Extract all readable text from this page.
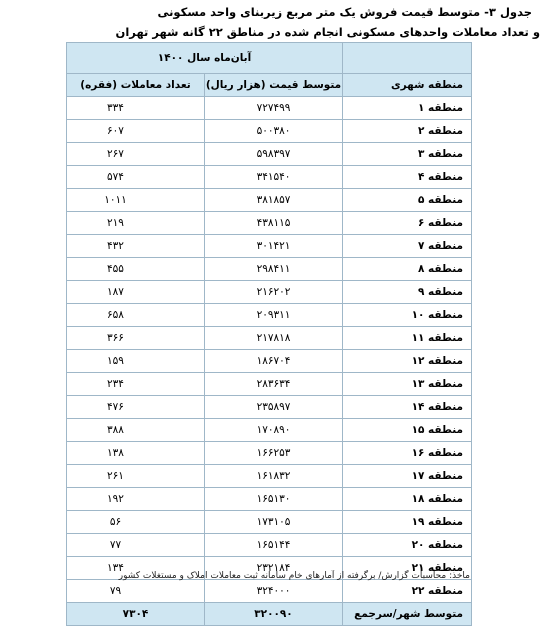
جدول ۳- متوسط قیمت فروش یک متر مربع زیربنای واحد مسکونی
و تعداد معاملات واحدهای مسکونی انجام شده در مناطق ۲۲ گانه شهر تهران
	آبان‌ماه سال ۱۴۰۰	
منطقه شهری	متوسط قیمت (هزار ریال)	تعداد معاملات (فقره)
منطقه ۱	۷۲۷۴۹۹	۳۳۴
منطقه ۲	۵۰۰۳۸۰	۶۰۷
منطقه ۳	۵۹۸۳۹۷	۲۶۷
منطقه ۴	۳۴۱۵۴۰	۵۷۴
منطقه ۵	۳۸۱۸۵۷	۱۰۱۱
منطقه ۶	۴۳۸۱۱۵	۲۱۹
منطقه ۷	۳۰۱۴۲۱	۴۳۲
منطقه ۸	۲۹۸۴۱۱	۴۵۵
منطقه ۹	۲۱۶۲۰۲	۱۸۷
منطقه ۱۰	۲۰۹۳۱۱	۶۵۸
منطقه ۱۱	۲۱۷۸۱۸	۳۶۶
منطقه ۱۲	۱۸۶۷۰۴	۱۵۹
منطقه ۱۳	۲۸۳۶۳۴	۲۳۴
منطقه ۱۴	۲۳۵۸۹۷	۴۷۶
منطقه ۱۵	۱۷۰۸۹۰	۳۸۸
منطقه ۱۶	۱۶۶۲۵۳	۱۳۸
منطقه ۱۷	۱۶۱۸۳۲	۲۶۱
منطقه ۱۸	۱۶۵۱۳۰	۱۹۲
منطقه ۱۹	۱۷۳۱۰۵	۵۶
منطقه ۲۰	۱۶۵۱۴۴	۷۷
منطقه ۲۱	۲۳۲۱۸۴	۱۳۴
منطقه ۲۲	۳۲۴۰۰۰	۷۹
متوسط شهر/سرجمع	۳۲۰۰۹۰	۷۳۰۴
ماخذ: محاسبات گزارش/ برگرفته از آمارهای خام سامانه ثبت معاملات املاک و مستغلات کشور
